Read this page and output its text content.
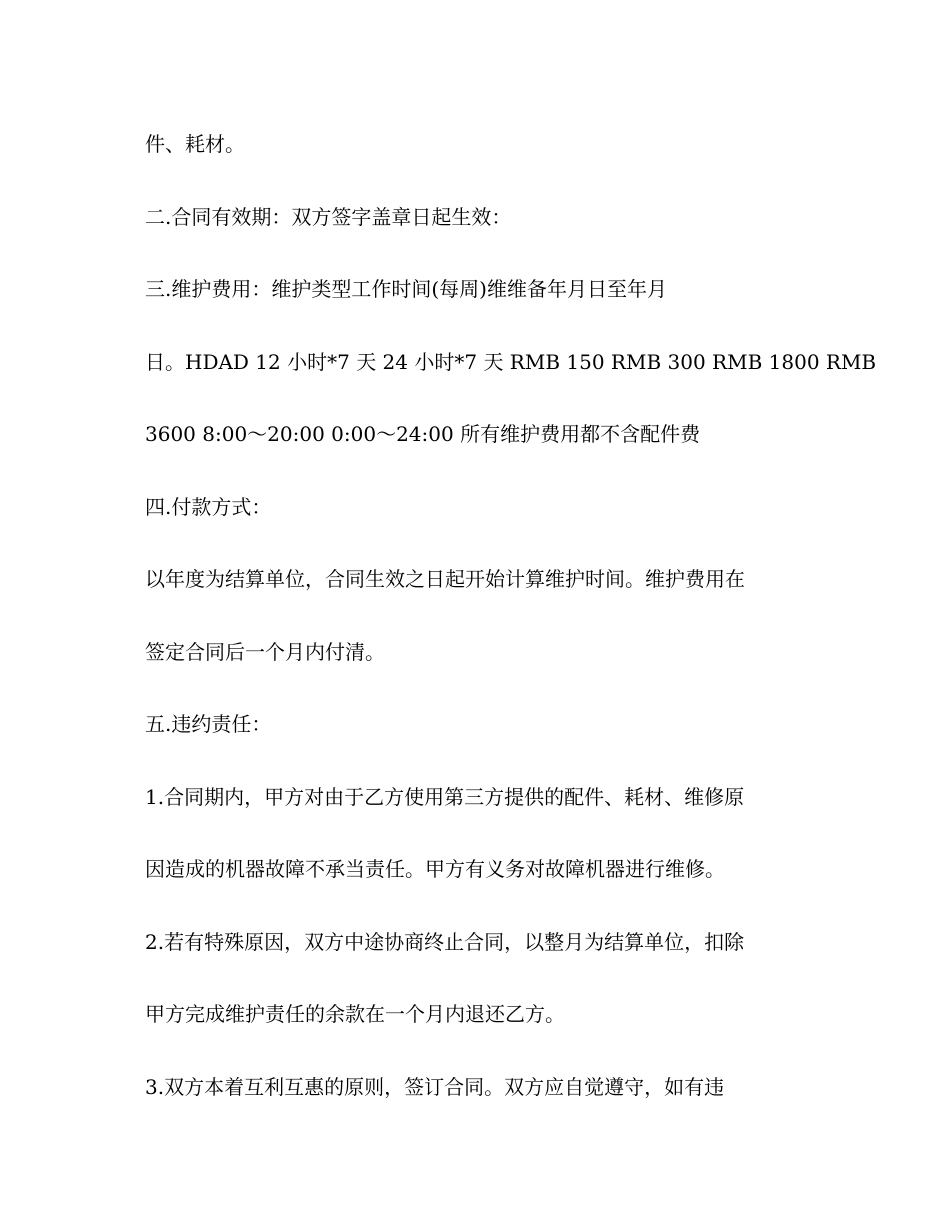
件、耗材。

二.合同有效期：双方签字盖章日起生效：

三.维护费用：维护类型工作时间(每周)维维备年月日至年月

日。HDAD 12 小时*7 天 24 小时*7 天 RMB 150 RMB 300 RMB 1800 RMB

3600 8:00～20:00 0:00～24:00 所有维护费用都不含配件费

四.付款方式：

以年度为结算单位，合同生效之日起开始计算维护时间。维护费用在

签定合同后一个月内付清。

五.违约责任：

1.合同期内，甲方对由于乙方使用第三方提供的配件、耗材、维修原

因造成的机器故障不承当责任。甲方有义务对故障机器进行维修。

2.若有特殊原因，双方中途协商终止合同，以整月为结算单位，扣除

甲方完成维护责任的余款在一个月内退还乙方。

3.双方本着互利互惠的原则，签订合同。双方应自觉遵守，如有违
